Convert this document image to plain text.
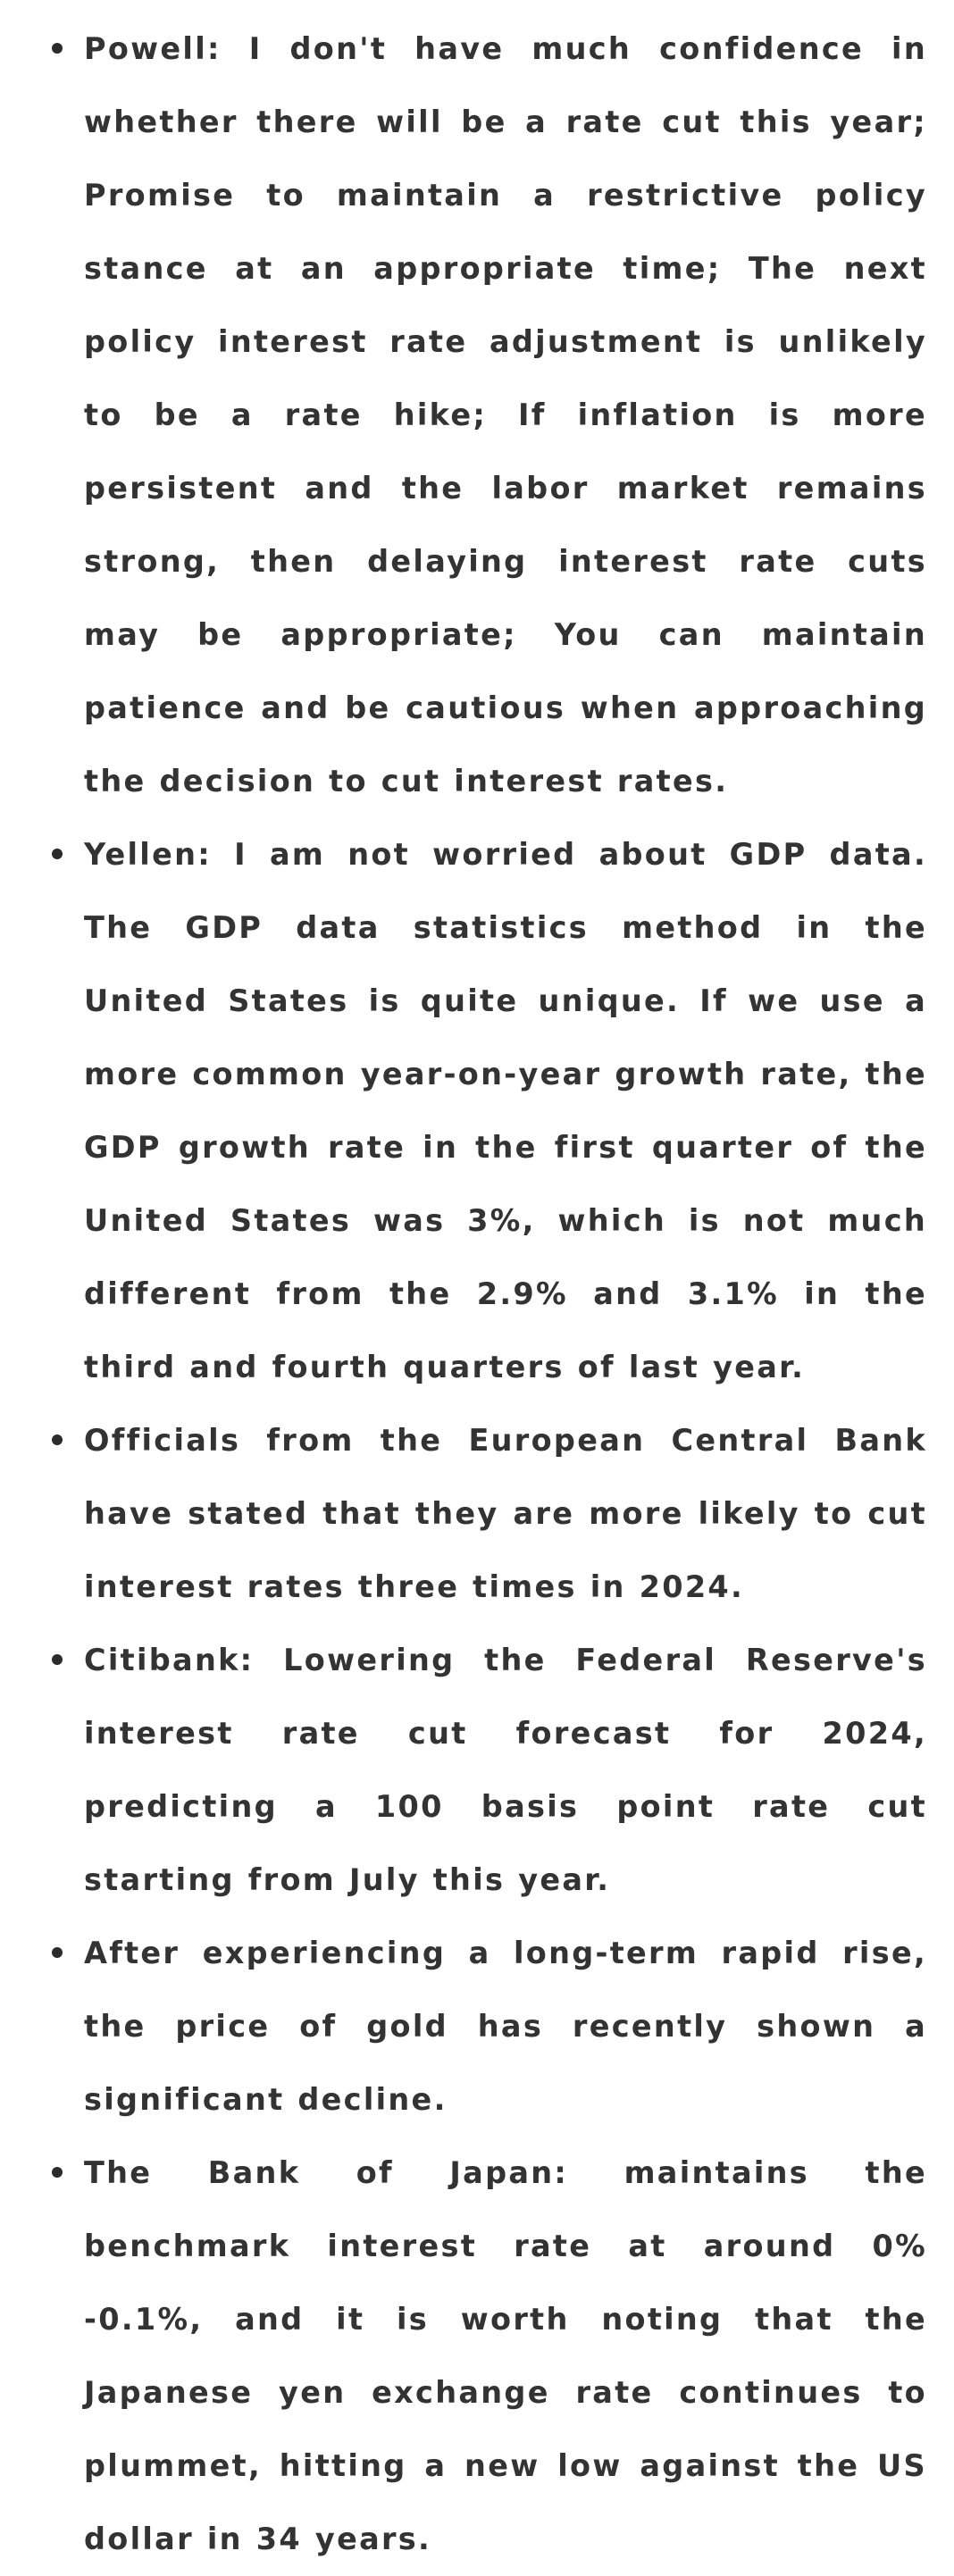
Powell: I don't have much confidence in whether there will be a rate cut this year; Promise to maintain a restrictive policy stance at an appropriate time; The next policy interest rate adjustment is unlikely to be a rate hike; If inflation is more persistent and the labor market remains strong, then delaying interest rate cuts may be appropriate; You can maintain patience and be cautious when approaching the decision to cut interest rates.
Yellen: I am not worried about GDP data. The GDP data statistics method in the United States is quite unique. If we use a more common year-on-year growth rate, the GDP growth rate in the first quarter of the United States was 3%, which is not much different from the 2.9% and 3.1% in the third and fourth quarters of last year.
Officials from the European Central Bank have stated that they are more likely to cut interest rates three times in 2024.
Citibank: Lowering the Federal Reserve's interest rate cut forecast for 2024, predicting a 100 basis point rate cut starting from July this year.
After experiencing a long-term rapid rise, the price of gold has recently shown a significant decline.
The Bank of Japan: maintains the benchmark interest rate at around 0% -0.1%, and it is worth noting that the Japanese yen exchange rate continues to plummet, hitting a new low against the US dollar in 34 years.
